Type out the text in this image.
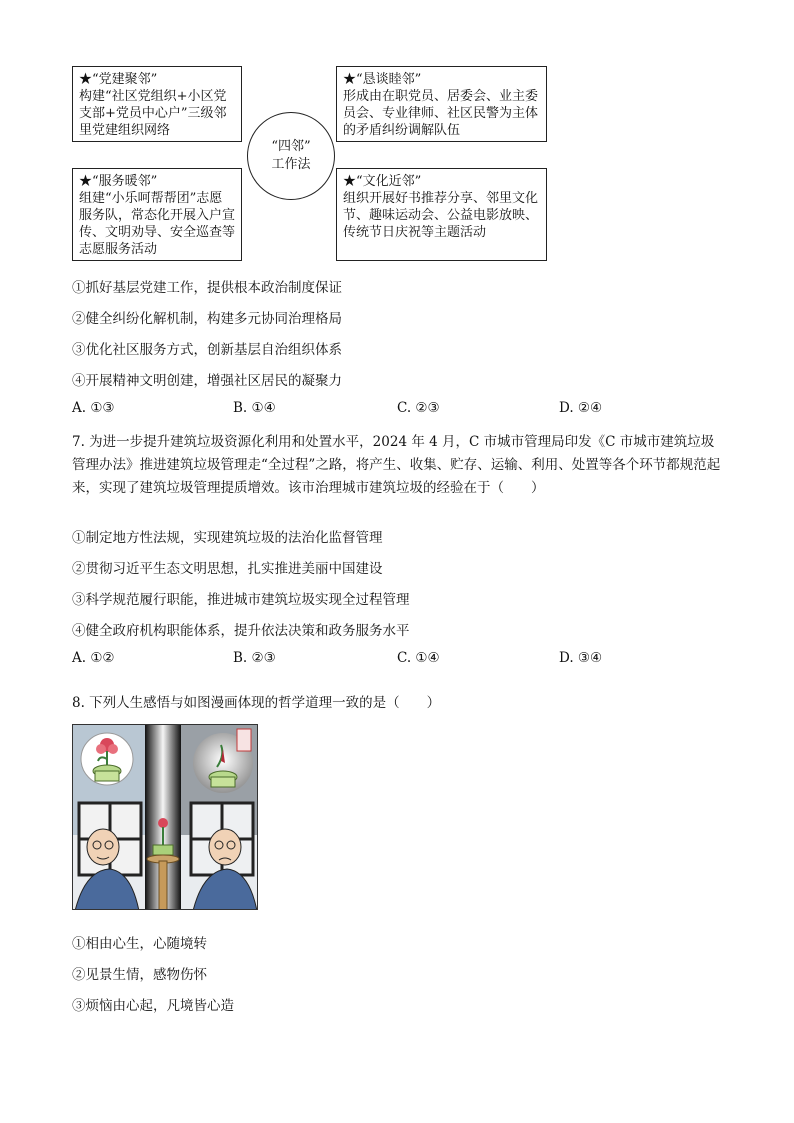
★“党建聚邻”
构建“社区党组织+小区党支部+党员中心户”三级邻里党建组织网络
★“恳谈睦邻”
形成由在职党员、居委会、业主委员会、专业律师、社区民警为主体的矛盾纠纷调解队伍
★“服务暖邻”
组建“小乐呵帮帮团”志愿服务队，常态化开展入户宣传、文明劝导、安全巡查等志愿服务活动
★“文化近邻”
组织开展好书推荐分享、邻里文化节、趣味运动会、公益电影放映、传统节日庆祝等主题活动
“四邻”
工作法
①抓好基层党建工作，提供根本政治制度保证
②健全纠纷化解机制，构建多元协同治理格局
③优化社区服务方式，创新基层自治组织体系
④开展精神文明创建，增强社区居民的凝聚力
A. ①③	B. ①④	C. ②③	D. ②④
7. 为进一步提升建筑垃圾资源化利用和处置水平，2024 年 4 月，C 市城市管理局印发《C 市城市建筑垃圾管理办法》推进建筑垃圾管理走“全过程”之路，将产生、收集、贮存、运输、利用、处置等各个环节都规范起来，实现了建筑垃圾管理提质增效。该市治理城市建筑垃圾的经验在于（　　）
①制定地方性法规，实现建筑垃圾的法治化监督管理
②贯彻习近平生态文明思想，扎实推进美丽中国建设
③科学规范履行职能，推进城市建筑垃圾实现全过程管理
④健全政府机构职能体系，提升依法决策和政务服务水平
A. ①②	B. ②③	C. ①④	D. ③④
8. 下列人生感悟与如图漫画体现的哲学道理一致的是（　　）
①相由心生，心随境转
②见景生情，感物伤怀
③烦恼由心起，凡境皆心造
